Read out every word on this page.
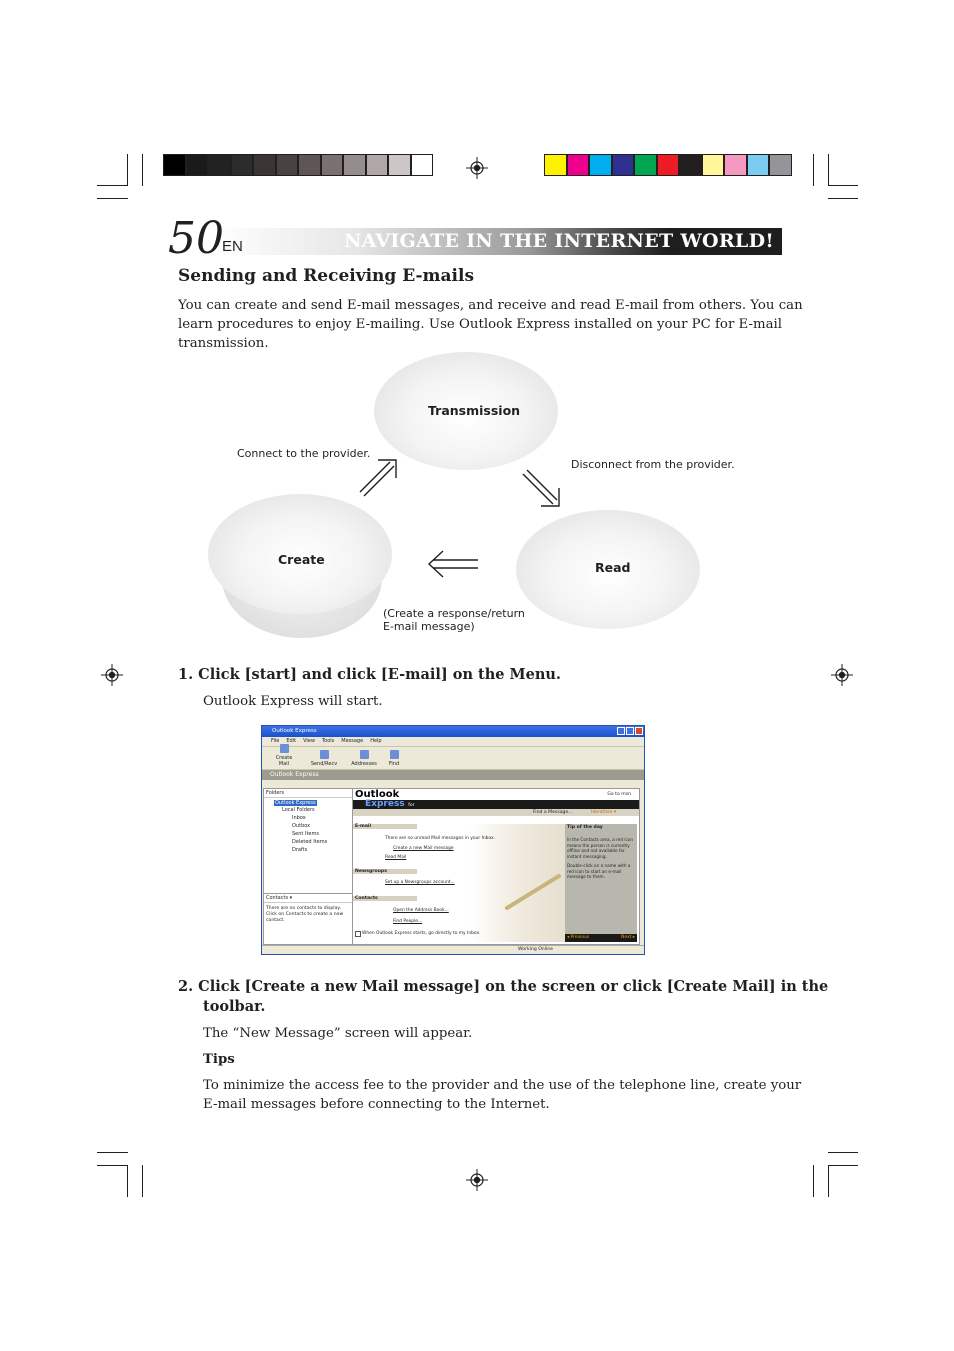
NAVIGATE IN THE INTERNET WORLD!
50
EN
Sending and Receiving E-mails
You can create and send E-mail messages, and receive and read E-mail from others. You can
learn procedures to enjoy E-mailing. Use Outlook Express installed on your PC for E-mail
transmission.
Transmission
Create
Read
Connect to the provider.
Disconnect from the provider.
(Create a response/return
E-mail message)
1. Click [start] and click [E-mail] on the Menu.
Outlook Express will start.
Outlook Express
File Edit View Tools Message Help
Create Mail	Send/Recv	Addresses	Find
Outlook Express
Folders
Outlook Express
Local Folders
Inbox
Outbox
Sent Items
Deleted Items
Drafts
Contacts ▾
There are no contacts to display. Click on Contacts to create a new contact.
Outlook	Go to msn
Express for
Find a Message...	Identities ▾
E-mail
There are no unread Mail messages in your Inbox.
Create a new Mail message
Read Mail
Newsgroups
Set up a Newsgroups account...
Contacts
Open the Address Book...
Find People...
When Outlook Express starts, go directly to my Inbox.
Tip of the day
In the Contacts area, a red icon means the person is currently offline and not available for instant messaging.
Double-click on a name with a red icon to start an e-mail message to them.
◂ Previous	Next ▸
Working Online
2. Click [Create a new Mail message] on the screen or click [Create Mail] in the
toolbar.
The “New Message” screen will appear.
Tips
To minimize the access fee to the provider and the use of the telephone line, create your
E-mail messages before connecting to the Internet.
